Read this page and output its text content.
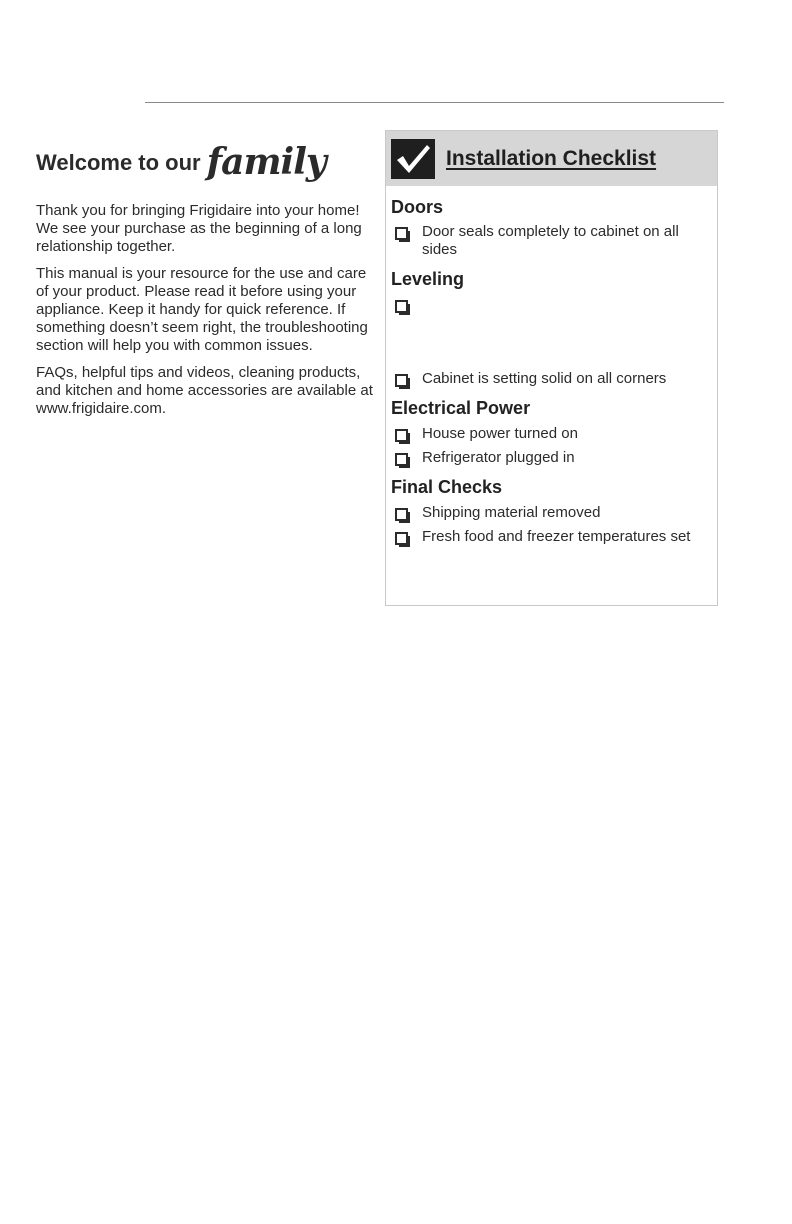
Welcome to our family

Thank you for bringing Frigidaire into your home! We see your purchase as the beginning of a long relationship together.

This manual is your resource for the use and care of your product. Please read it before using your appliance. Keep it handy for quick reference. If something doesn’t seem right, the troubleshooting section will help you with common issues.

FAQs, helpful tips and videos, cleaning products, and kitchen and home accessories are available at www.frigidaire.com.

Installation Checklist
Doors
Door seals completely to cabinet on all sides
Leveling
Cabinet is setting solid on all corners
Electrical Power
House power turned on
Refrigerator plugged in
Final Checks
Shipping material removed
Fresh food and freezer temperatures set
